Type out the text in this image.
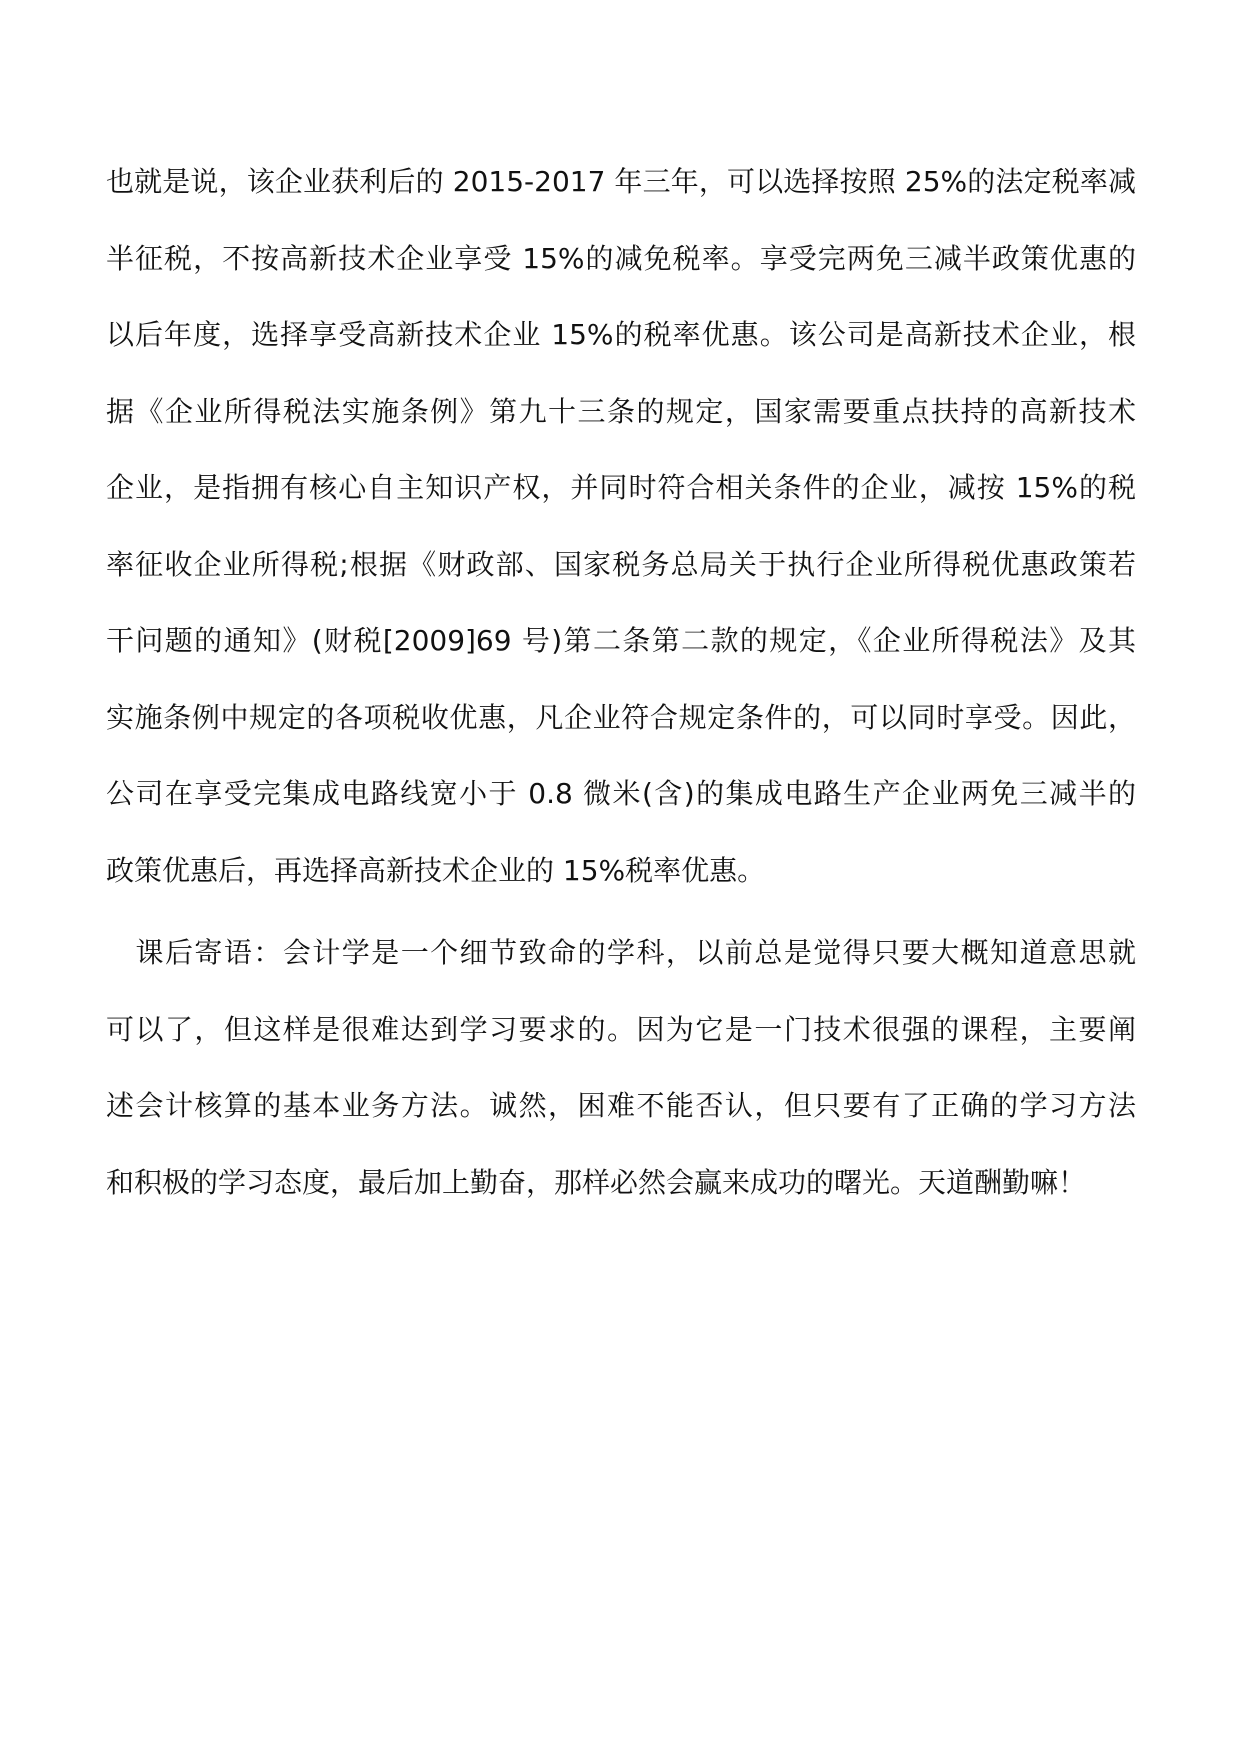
也就是说，该企业获利后的 2015-2017 年三年，可以选择按照 25%的法定税率减
半征税，不按高新技术企业享受 15%的减免税率。享受完两免三减半政策优惠的
以后年度，选择享受高新技术企业 15%的税率优惠。该公司是高新技术企业，根
据《企业所得税法实施条例》第九十三条的规定，国家需要重点扶持的高新技术
企业，是指拥有核心自主知识产权，并同时符合相关条件的企业，减按 15%的税
率征收企业所得税;根据《财政部、国家税务总局关于执行企业所得税优惠政策若
干问题的通知》(财税[2009]69 号)第二条第二款的规定，《企业所得税法》及其
实施条例中规定的各项税收优惠，凡企业符合规定条件的，可以同时享受。因此，
公司在享受完集成电路线宽小于 0.8 微米(含)的集成电路生产企业两免三减半的
政策优惠后，再选择高新技术企业的 15%税率优惠。
　课后寄语：会计学是一个细节致命的学科，以前总是觉得只要大概知道意思就
可以了，但这样是很难达到学习要求的。因为它是一门技术很强的课程，主要阐
述会计核算的基本业务方法。诚然，困难不能否认，但只要有了正确的学习方法
和积极的学习态度，最后加上勤奋，那样必然会赢来成功的曙光。天道酬勤嘛！
